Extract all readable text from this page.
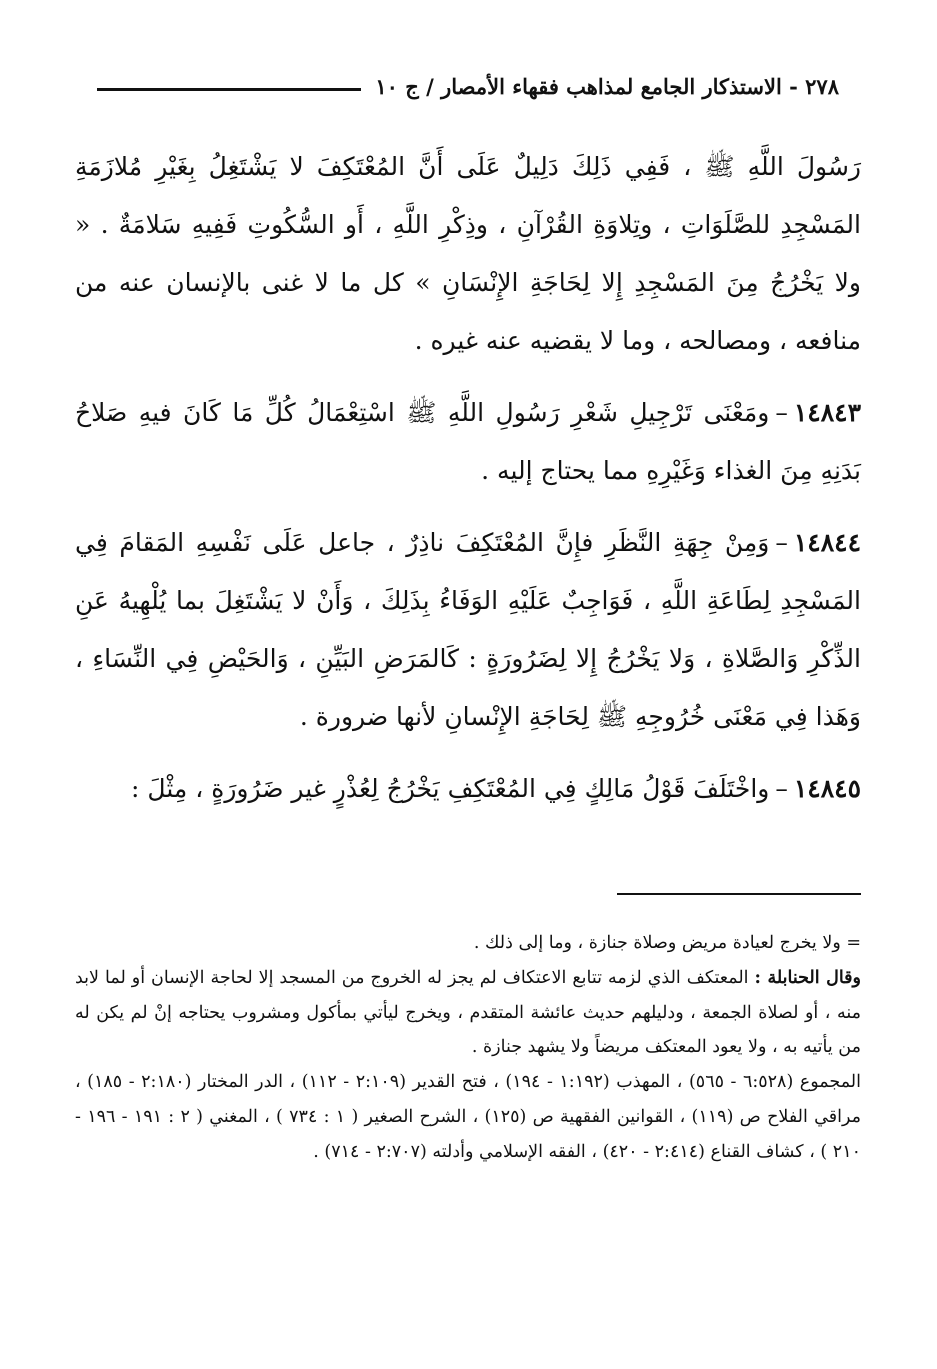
٢٧٨ - الاستذكار الجامع لمذاهب فقهاء الأمصار / ج ١٠

رَسُولَ اللَّهِ ﷺ ، فَفِي ذَلِكَ دَلِيلٌ عَلَى أَنَّ المُعْتَكِفَ لا يَشْتَغِلُ بِغَيْرِ مُلازَمَةِ المَسْجِدِ للصَّلَوَاتِ ، وتِلاوَةِ القُرْآنِ ، وذِكْرِ اللَّهِ ، أَو السُّكُوتِ فَفِيهِ سَلامَةٌ . « ولا يَخْرُجُ مِنَ المَسْجِدِ إِلا لِحَاجَةِ الإِنْسَانِ » كل ما لا غنى بالإنسان عنه من منافعه ، ومصالحه ، وما لا يقضيه عنه غيره .

١٤٨٤٣–ومَعْنَى تَرْجِيلِ شَعْرِ رَسُولِ اللَّهِ ﷺ اسْتِعْمَالُ كُلِّ مَا كَانَ فيهِ صَلاحُ بَدَنِهِ مِنَ الغذاء وَغَيْرِهِ مما يحتاج إليه .

١٤٨٤٤–وَمِنْ جِهَةِ النَّظَرِ فإِنَّ المُعْتَكِفَ ناذِرٌ ، جاعل عَلَى نَفْسِهِ المَقامَ فِي المَسْجِدِ لِطَاعَةِ اللَّهِ ، فَوَاجِبٌ عَلَيْهِ الوَفَاءُ بِذَلِكَ ، وَأَنْ لا يَشْتَغِلَ بما يُلْهِيهُ عَنِ الذِّكْرِ وَالصَّلاةِ ، وَلا يَخْرُجُ إِلا لِضَرُورَةٍ : كَالمَرَضِ البَيِّنِ ، وَالحَيْضِ فِي النِّسَاءِ ، وَهَذا فِي مَعْنَى خُرُوجِهِ ﷺ لِحَاجَةِ الإِنْسانِ لأنها ضرورة .

١٤٨٤٥–واخْتَلَفَ قَوْلُ مَالِكٍ فِي المُعْتَكِفِ يَخْرُجُ لِعُذْرٍ غير ضَرُورَةٍ ، مِثْلَ :

= ولا يخرج لعيادة مريض وصلاة جنازة ، وما إلى ذلك .

وقال الحنابلة : المعتكف الذي لزمه تتابع الاعتكاف لم يجز له الخروج من المسجد إلا لحاجة الإنسان أو لما لابد منه ، أو لصلاة الجمعة ، ودليلهم حديث عائشة المتقدم ، ويخرج ليأتي بمأكول ومشروب يحتاجه إنْ لم يكن له من يأتيه به ، ولا يعود المعتكف مريضاً ولا يشهد جنازة .

المجموع (٦:٥٢٨ - ٥٦٥) ، المهذب (١:١٩٢ - ١٩٤) ، فتح القدير (٢:١٠٩ - ١١٢) ، الدر المختار (٢:١٨٠ - ١٨٥) ، مراقي الفلاح ص (١١٩) ، القوانين الفقهية ص (١٢٥) ، الشرح الصغير ( ١ : ٧٣٤ ) ، المغني ( ٢ : ١٩١ - ١٩٦ - ٢١٠ ) ، كشاف القناع (٢:٤١٤ - ٤٢٠) ، الفقه الإسلامي وأدلته (٢:٧٠٧ - ٧١٤) .
